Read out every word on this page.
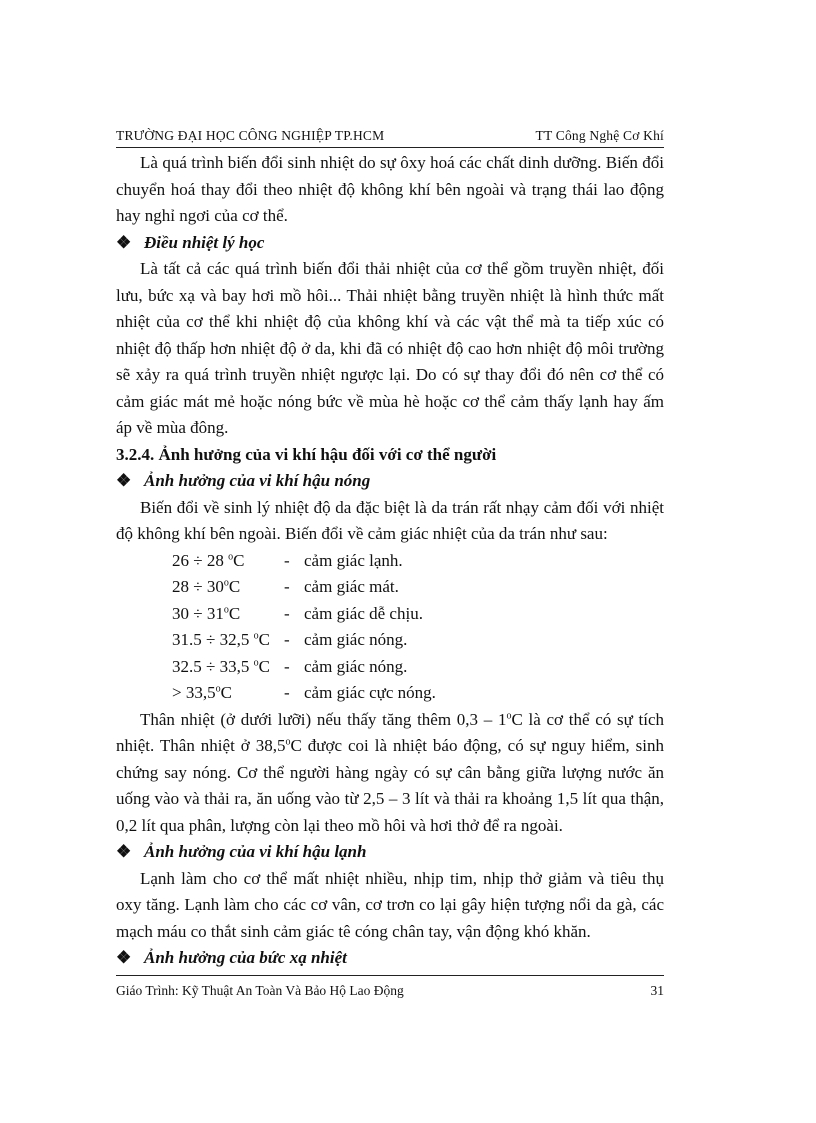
TRƯỜNG ĐẠI HỌC CÔNG NGHIỆP TP.HCM	TT Công Nghệ Cơ Khí

Là quá trình biến đổi sinh nhiệt do sự ôxy hoá các chất dinh dưỡng. Biến đổi chuyển hoá thay đổi theo nhiệt độ không khí bên ngoài và trạng thái lao động hay nghỉ ngơi của cơ thể.

❖ Điều nhiệt lý học

Là tất cả các quá trình biến đổi thải nhiệt của cơ thể gồm truyền nhiệt, đối lưu, bức xạ và bay hơi mồ hôi... Thải nhiệt bằng truyền nhiệt là hình thức mất nhiệt của cơ thể khi nhiệt độ của không khí và các vật thể mà ta tiếp xúc có nhiệt độ thấp hơn nhiệt độ ở da, khi đã có nhiệt độ cao hơn nhiệt độ môi trường sẽ xảy ra quá trình truyền nhiệt ngược lại. Do có sự thay đổi đó nên cơ thể có cảm giác mát mẻ hoặc nóng bức về mùa hè hoặc cơ thể cảm thấy lạnh hay ấm áp về mùa đông.

3.2.4. Ảnh hưởng của vi khí hậu đối với cơ thể người

❖ Ảnh hưởng của vi khí hậu nóng

Biến đổi về sinh lý nhiệt độ da đặc biệt là da trán rất nhạy cảm đối với nhiệt độ không khí bên ngoài. Biến đổi về cảm giác nhiệt của da trán như sau:

26 ÷ 28 $^o$C	- cảm giác lạnh.
$28 \div 30^oC$	- cảm giác mát.
$30 \div 31^oC$	- cảm giác dễ chịu.
31.5 ÷ 32,5 $^o$C - cảm giác nóng.
32.5 ÷ 33,5 $^o$C - cảm giác nóng.
> $33,5^oC$	- cảm giác cực nóng.

Thân nhiệt (ở dưới lưỡi) nếu thấy tăng thêm 0,3 – 1$^o$C là cơ thể có sự tích nhiệt. Thân nhiệt ở 38,5$^o$C được coi là nhiệt báo động, có sự nguy hiểm, sinh chứng say nóng. Cơ thể người hàng ngày có sự cân bằng giữa lượng nước ăn uống vào và thải ra, ăn uống vào từ 2,5 – 3 lít và thải ra khoảng 1,5 lít qua thận, 0,2 lít qua phân, lượng còn lại theo mồ hôi và hơi thở để ra ngoài.

❖ Ảnh hưởng của vi khí hậu lạnh

Lạnh làm cho cơ thể mất nhiệt nhiều, nhịp tim, nhịp thở giảm và tiêu thụ oxy tăng. Lạnh làm cho các cơ vân, cơ trơn co lại gây hiện tượng nổi da gà, các mạch máu co thắt sinh cảm giác tê cóng chân tay, vận động khó khăn.

❖ Ảnh hưởng của bức xạ nhiệt

Giáo Trình: Kỹ Thuật An Toàn Và Bảo Hộ Lao Động	31
